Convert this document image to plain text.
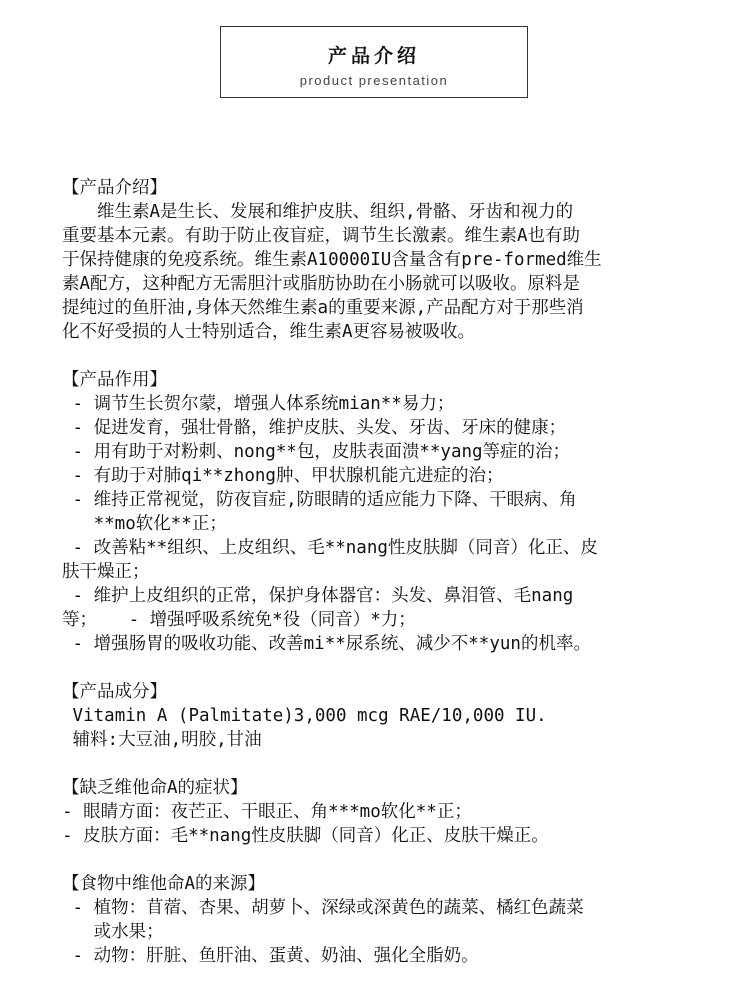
产品介绍
product presentation
【产品介绍】
　　维生素A是生长、发展和维护皮肤、组织,骨骼、牙齿和视力的
重要基本元素。有助于防止夜盲症，调节生长激素。维生素A也有助
于保持健康的免疫系统。维生素A10000IU含量含有pre-formed维生
素A配方，这种配方无需胆汁或脂肪协助在小肠就可以吸收。原料是
提纯过的鱼肝油,身体天然维生素a的重要来源,产品配方对于那些消
化不好受损的人士特别适合，维生素A更容易被吸收。
【产品作用】
- 调节生长贺尔蒙，增强人体系统mian**易力；
- 促进发育，强壮骨骼，维护皮肤、头发、牙齿、牙床的健康；
- 用有助于对粉刺、nong**包，皮肤表面溃**yang等症的治；
- 有助于对肺qi**zhong肿、甲状腺机能亢进症的治；
- 维持正常视觉，防夜盲症,防眼睛的适应能力下降、干眼病、角
**mo软化**正；
- 改善粘**组织、上皮组织、毛**nang性皮肤脚（同音）化正、皮
肤干燥正；
- 维护上皮组织的正常，保护身体器官：头发、鼻泪管、毛nang
等；   - 增强呼吸系统免*役（同音）*力；
- 增强肠胃的吸收功能、改善mi**尿系统、减少不**yun的机率。
【产品成分】
Vitamin A (Palmitate)3,000 mcg RAE/10,000 IU.
辅料:大豆油,明胶,甘油
【缺乏维他命A的症状】
- 眼睛方面：夜芒正、干眼正、角***mo软化**正；
- 皮肤方面：毛**nang性皮肤脚（同音）化正、皮肤干燥正。
【食物中维他命A的来源】
- 植物：苜蓿、杏果、胡萝卜、深绿或深黄色的蔬菜、橘红色蔬菜
或水果；
- 动物：肝脏、鱼肝油、蛋黄、奶油、强化全脂奶。
